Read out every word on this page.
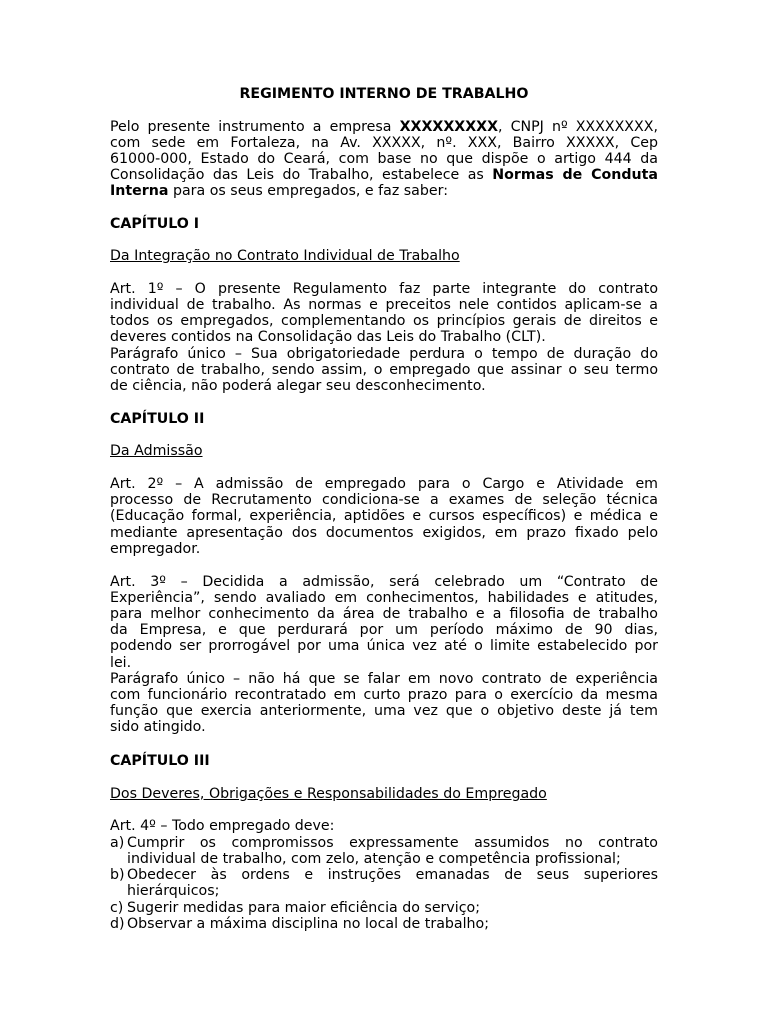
REGIMENTO INTERNO DE TRABALHO

Pelo presente instrumento a empresa XXXXXXXXX, CNPJ nº XXXXXXXX,

com sede em Fortaleza, na Av. XXXXX, nº. XXX, Bairro XXXXX, Cep

61000-000, Estado do Ceará, com base no que dispõe o artigo 444 da

Consolidação das Leis do Trabalho, estabelece as Normas de Conduta

Interna para os seus empregados, e faz saber:

CAPÍTULO I

Da Integração no Contrato Individual de Trabalho

Art. 1º – O presente Regulamento faz parte integrante do contrato

individual de trabalho. As normas e preceitos nele contidos aplicam-se a

todos os empregados, complementando os princípios gerais de direitos e

deveres contidos na Consolidação das Leis do Trabalho (CLT).

Parágrafo único – Sua obrigatoriedade perdura o tempo de duração do

contrato de trabalho, sendo assim, o empregado que assinar o seu termo

de ciência, não poderá alegar seu desconhecimento.

CAPÍTULO II

Da Admissão

Art. 2º – A admissão de empregado para o Cargo e Atividade em

processo de Recrutamento condiciona-se a exames de seleção técnica

(Educação formal, experiência, aptidões e cursos específicos) e médica e

mediante apresentação dos documentos exigidos, em prazo fixado pelo

empregador.

Art. 3º – Decidida a admissão, será celebrado um “Contrato de

Experiência”, sendo avaliado em conhecimentos, habilidades e atitudes,

para melhor conhecimento da área de trabalho e a filosofia de trabalho

da Empresa, e que perdurará por um período máximo de 90 dias,

podendo ser prorrogável por uma única vez até o limite estabelecido por

lei.

Parágrafo único – não há que se falar em novo contrato de experiência

com funcionário recontratado em curto prazo para o exercício da mesma

função que exercia anteriormente, uma vez que o objetivo deste já tem

sido atingido.

CAPÍTULO III

Dos Deveres, Obrigações e Responsabilidades do Empregado

Art. 4º – Todo empregado deve:

a) Cumprir os compromissos expressamente assumidos no contrato

individual de trabalho, com zelo, atenção e competência profissional;

b) Obedecer às ordens e instruções emanadas de seus superiores

hierárquicos;

c) Sugerir medidas para maior eficiência do serviço;
d) Observar a máxima disciplina no local de trabalho;
